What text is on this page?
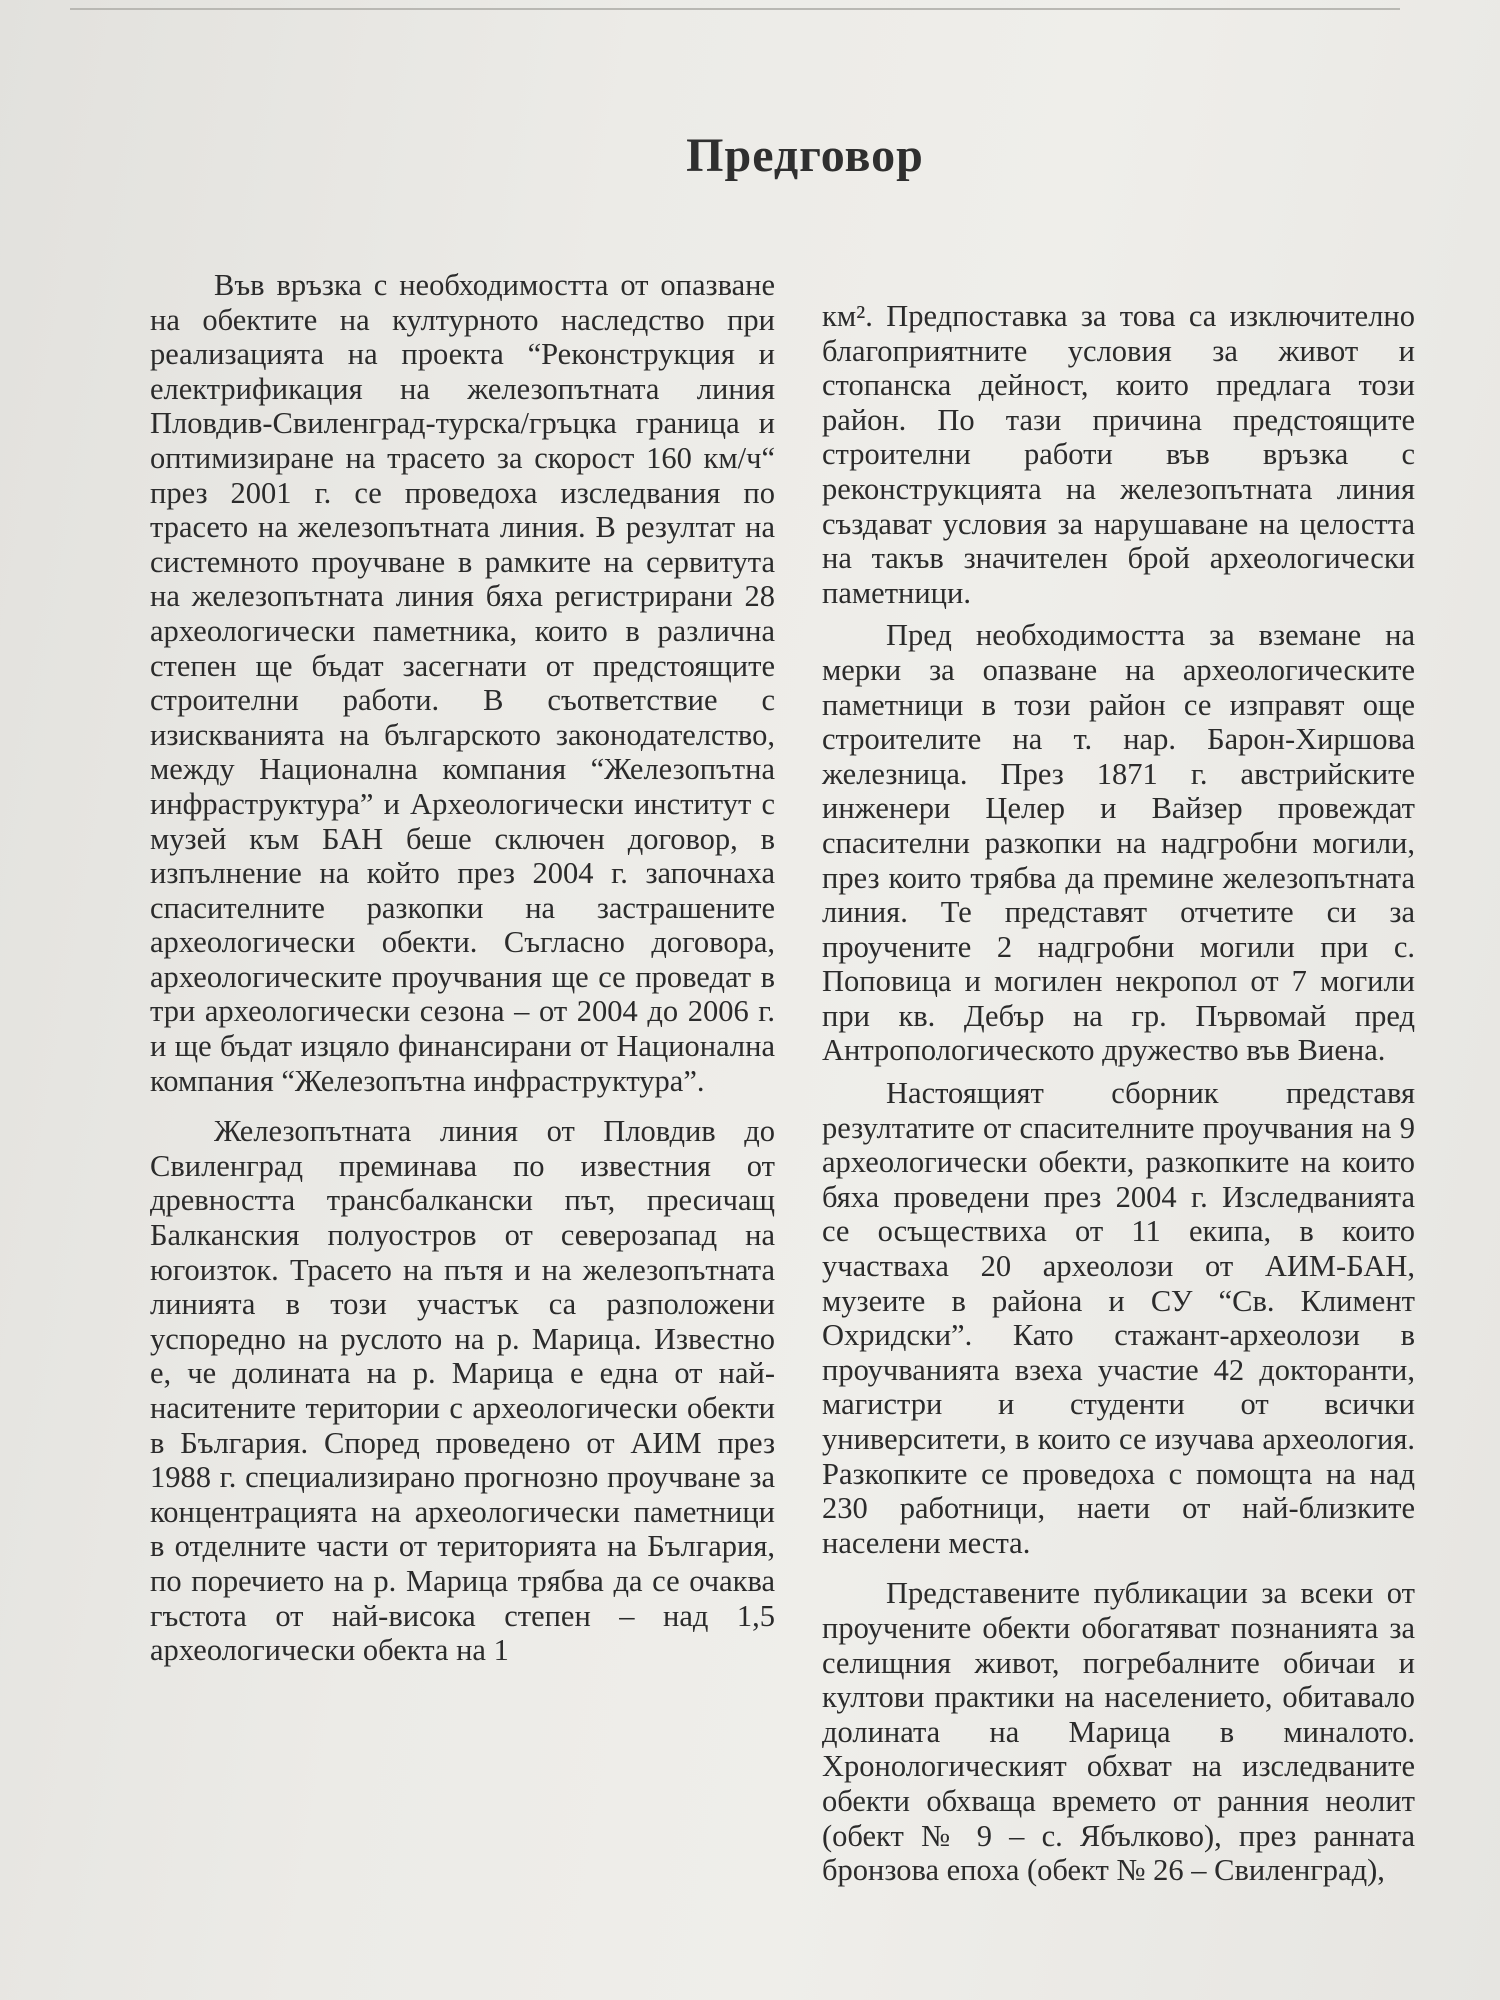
Предговор

Във връзка с необходимостта от опазване на обектите на културното наследство при реализацията на проекта “Реконструкция и електрификация на железопътната линия Пловдив-Свиленград-турска/гръцка граница и оптимизиране на трасето за скорост 160 км/ч“ през 2001 г. се проведоха изследвания по трасето на железопътната линия. В резултат на системното проучване в рамките на сервитута на железопътната линия бяха регистрирани 28 археологически паметника, които в различна степен ще бъдат засегнати от предстоящите строителни работи. В съответствие с изискванията на българското законодателство, между Национална компания “Железопътна инфраструктура” и Археологически институт с музей към БАН беше сключен договор, в изпълнение на който през 2004 г. започнаха спасителните разкопки на застрашените археологически обекти. Съгласно договора, археологическите проучвания ще се проведат в три археологически сезона – от 2004 до 2006 г. и ще бъдат изцяло финансирани от Национална компания “Железопътна инфраструктура”.

Железопътната линия от Пловдив до Свиленград преминава по известния от древността трансбалкански път, пресичащ Балканския полуостров от северозапад на югоизток. Трасето на пътя и на железопътната линията в този участък са разположени успоредно на руслото на р. Марица. Известно е, че долината на р. Марица е една от най-наситените територии с археологически обекти в България. Според проведено от АИМ през 1988 г. специализирано прогнозно проучване за концентрацията на археологически паметници в отделните части от територията на България, по поречието на р. Марица трябва да се очаква гъстота от най-висока степен – над 1,5 археологически обекта на 1

км². Предпоставка за това са изключително благоприятните условия за живот и стопанска дейност, които предлага този район. По тази причина предстоящите строителни работи във връзка с реконструкцията на железопътната линия създават условия за нарушаване на целостта на такъв значителен брой археологически паметници.

Пред необходимостта за вземане на мерки за опазване на археологическите паметници в този район се изправят още строителите на т. нар. Барон-Хиршова железница. През 1871 г. австрийските инженери Целер и Вайзер провеждат спасителни разкопки на надгробни могили, през които трябва да премине железопътната линия. Те представят отчетите си за проучените 2 надгробни могили при с. Поповица и могилен некропол от 7 могили при кв. Дебър на гр. Първомай пред Антропологическото дружество във Виена.

Настоящият сборник представя резултатите от спасителните проучвания на 9 археологически обекти, разкопките на които бяха проведени през 2004 г. Изследванията се осъществиха от 11 екипа, в които участваха 20 археолози от АИМ-БАН, музеите в района и СУ “Св. Климент Охридски”. Като стажант-археолози в проучванията взеха участие 42 докторанти, магистри и студенти от всички университети, в които се изучава археология. Разкопките се проведоха с помощта на над 230 работници, наети от най-близките населени места.

Представените публикации за всеки от проучените обекти обогатяват познанията за селищния живот, погребалните обичаи и култови практики на населението, обитавало долината на Марица в миналото. Хронологическият обхват на изследваните обекти обхваща времето от ранния неолит (обект № 9 – с. Ябълково), през ранната бронзова епоха (обект № 26 – Свиленград),
